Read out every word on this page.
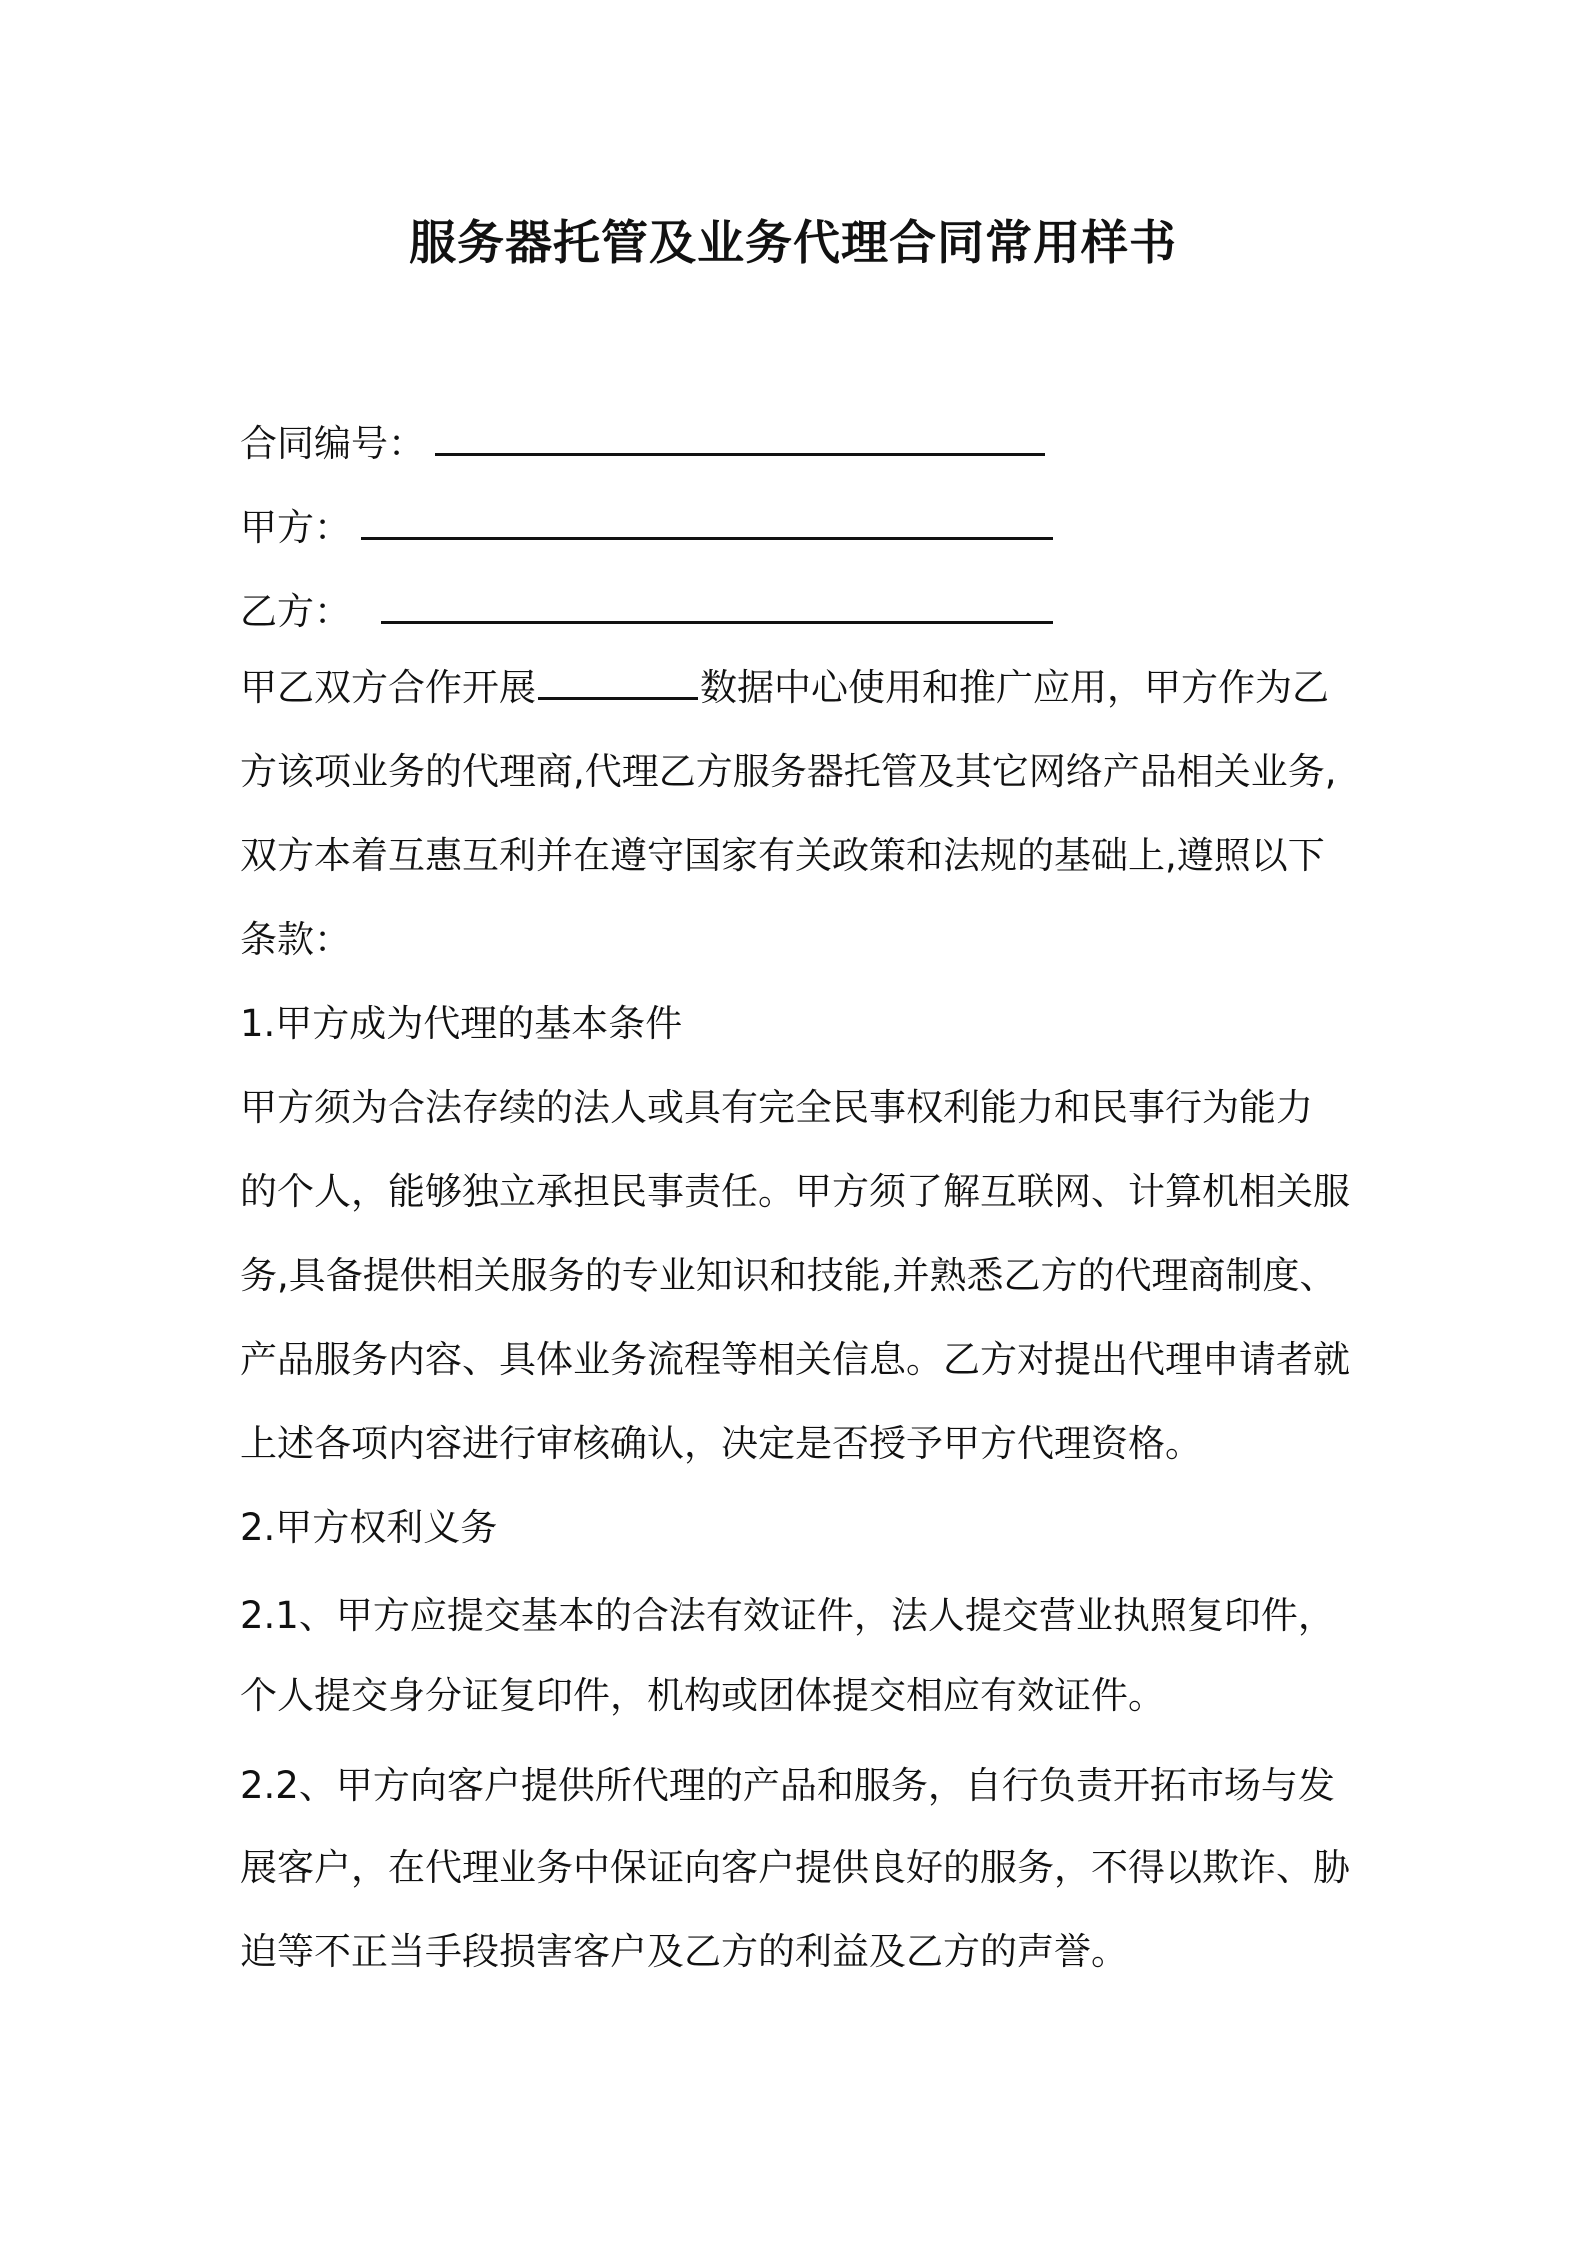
服务器托管及业务代理合同常用样书
合同编号：
甲方：
乙方：
甲乙双方合作开展	数据中心使用和推广应用，甲方作为乙
方该项业务的代理商,代理乙方服务器托管及其它网络产品相关业务,
双方本着互惠互利并在遵守国家有关政策和法规的基础上,遵照以下
条款：
1.甲方成为代理的基本条件
甲方须为合法存续的法人或具有完全民事权利能力和民事行为能力
的个人，能够独立承担民事责任。甲方须了解互联网、计算机相关服
务,具备提供相关服务的专业知识和技能,并熟悉乙方的代理商制度、
产品服务内容、具体业务流程等相关信息。乙方对提出代理申请者就
上述各项内容进行审核确认，决定是否授予甲方代理资格。
2.甲方权利义务
2.1、甲方应提交基本的合法有效证件，法人提交营业执照复印件，
个人提交身分证复印件，机构或团体提交相应有效证件。
2.2、甲方向客户提供所代理的产品和服务，自行负责开拓市场与发
展客户，在代理业务中保证向客户提供良好的服务，不得以欺诈、胁
迫等不正当手段损害客户及乙方的利益及乙方的声誉。
